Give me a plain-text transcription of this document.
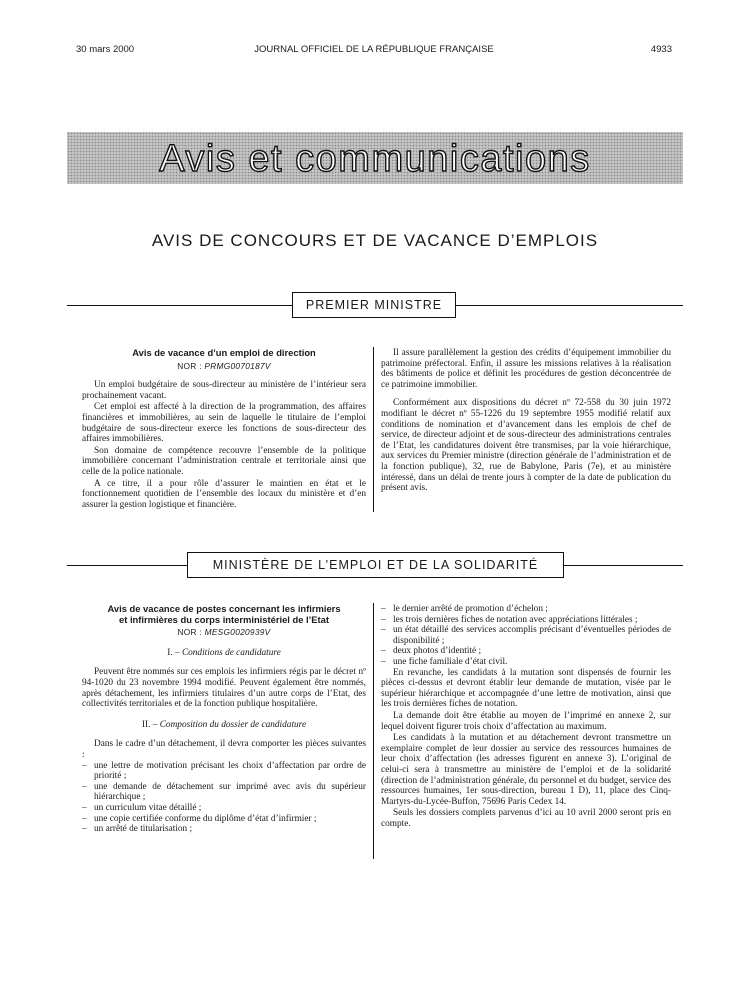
30 mars 2000	JOURNAL OFFICIEL DE LA RÉPUBLIQUE FRANÇAISE	4933
Avis et communications
AVIS DE CONCOURS ET DE VACANCE D’EMPLOIS
PREMIER MINISTRE
Avis de vacance d’un emploi de direction
NOR : PRMG0070187V

Un emploi budgétaire de sous-directeur au ministère de l’intérieur sera prochainement vacant.

Cet emploi est affecté à la direction de la programmation, des affaires financières et immobilières, au sein de laquelle le titulaire de l’emploi budgétaire de sous-directeur exerce les fonctions de sous-directeur des affaires immobilières.

Son domaine de compétence recouvre l’ensemble de la politique immobilière concernant l’administration centrale et territoriale ainsi que celle de la police nationale.

A ce titre, il a pour rôle d’assurer le maintien en état et le fonctionnement quotidien de l’ensemble des locaux du ministère et d’en assurer la gestion logistique et financière.

Il assure parallèlement la gestion des crédits d’équipement immobilier du patrimoine préfectoral. Enfin, il assure les missions relatives à la réalisation des bâtiments de police et définit les procédures de gestion déconcentrée de ce patrimoine immobilier.

Conformément aux dispositions du décret nº 72-558 du 30 juin 1972 modifiant le décret nº 55-1226 du 19 septembre 1955 modifié relatif aux conditions de nomination et d’avancement dans les emplois de chef de service, de directeur adjoint et de sous-directeur des administrations centrales de l’Etat, les candidatures doivent être transmises, par la voie hiérarchique, aux services du Premier ministre (direction générale de l’administration et de la fonction publique), 32, rue de Babylone, Paris (7e), et au ministère intéressé, dans un délai de trente jours à compter de la date de publication du présent avis.

MINISTÈRE DE L’EMPLOI ET DE LA SOLIDARITÉ
Avis de vacance de postes concernant les infirmiers
et infirmières du corps interministériel de l’Etat
NOR : MESG0020939V
I. – Conditions de candidature

Peuvent être nommés sur ces emplois les infirmiers régis par le décret nº 94-1020 du 23 novembre 1994 modifié. Peuvent également être nommés, après détachement, les infirmiers titulaires d’un autre corps de l’Etat, des collectivités territoriales et de la fonction publique hospitalière.

II. – Composition du dossier de candidature

Dans le cadre d’un détachement, il devra comporter les pièces suivantes :

– une lettre de motivation précisant les choix d’affectation par ordre de priorité ;
– une demande de détachement sur imprimé avec avis du supérieur hiérarchique ;
– un curriculum vitae détaillé ;
– une copie certifiée conforme du diplôme d’état d’infirmier ;
– un arrêté de titularisation ;
– le dernier arrêté de promotion d’échelon ;
– les trois dernières fiches de notation avec appréciations littérales ;
– un état détaillé des services accomplis précisant d’éventuelles périodes de disponibilité ;
– deux photos d’identité ;
– une fiche familiale d’état civil.

En revanche, les candidats à la mutation sont dispensés de fournir les pièces ci-dessus et devront établir leur demande de mutation, visée par le supérieur hiérarchique et accompagnée d’une lettre de motivation, ainsi que les trois dernières fiches de notation.

La demande doit être établie au moyen de l’imprimé en annexe 2, sur lequel doivent figurer trois choix d’affectation au maximum.

Les candidats à la mutation et au détachement devront transmettre un exemplaire complet de leur dossier au service des ressources humaines de leur choix d’affectation (les adresses figurent en annexe 3). L’original de celui-ci sera à transmettre au ministère de l’emploi et de la solidarité (direction de l’administration générale, du personnel et du budget, service des ressources humaines, 1er sous-direction, bureau 1 D), 11, place des Cinq-Martyrs-du-Lycée-Buffon, 75696 Paris Cedex 14.

Seuls les dossiers complets parvenus d’ici au 10 avril 2000 seront pris en compte.
